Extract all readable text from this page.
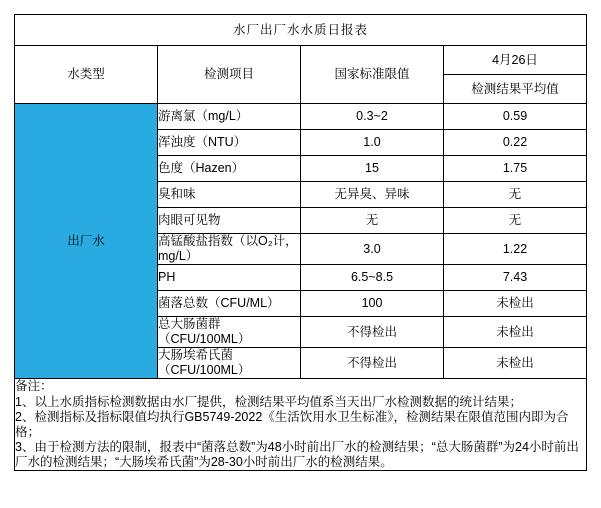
水厂出厂水水质日报表			
水类型	检测项目	国家标准限值	4月26日
			检测结果平均值
出厂水	游离氯（mg/L）	0.3~2	0.59
	浑浊度（NTU）	1.0	0.22
	色度（Hazen）	15	1.75
	臭和味	无异臭、异味	无
	肉眼可见物	无	无
	高锰酸盐指数（以O₂计，mg/L）	3.0	1.22
	PH	6.5~8.5	7.43
	菌落总数（CFU/ML）	100	未检出
	总大肠菌群（CFU/100ML）	不得检出	未检出
	大肠埃希氏菌（CFU/100ML）	不得检出	未检出

备注：

1、以上水质指标检测数据由水厂提供，检测结果平均值系当天出厂水检测数据的统计结果；

2、检测指标及指标限值均执行GB5749-2022《生活饮用水卫生标准》，检测结果在限值范围内即为合格；

3、由于检测方法的限制，报表中“菌落总数”为48小时前出厂水的检测结果；“总大肠菌群”为24小时前出厂水的检测结果；“大肠埃希氏菌”为28-30小时前出厂水的检测结果。			
